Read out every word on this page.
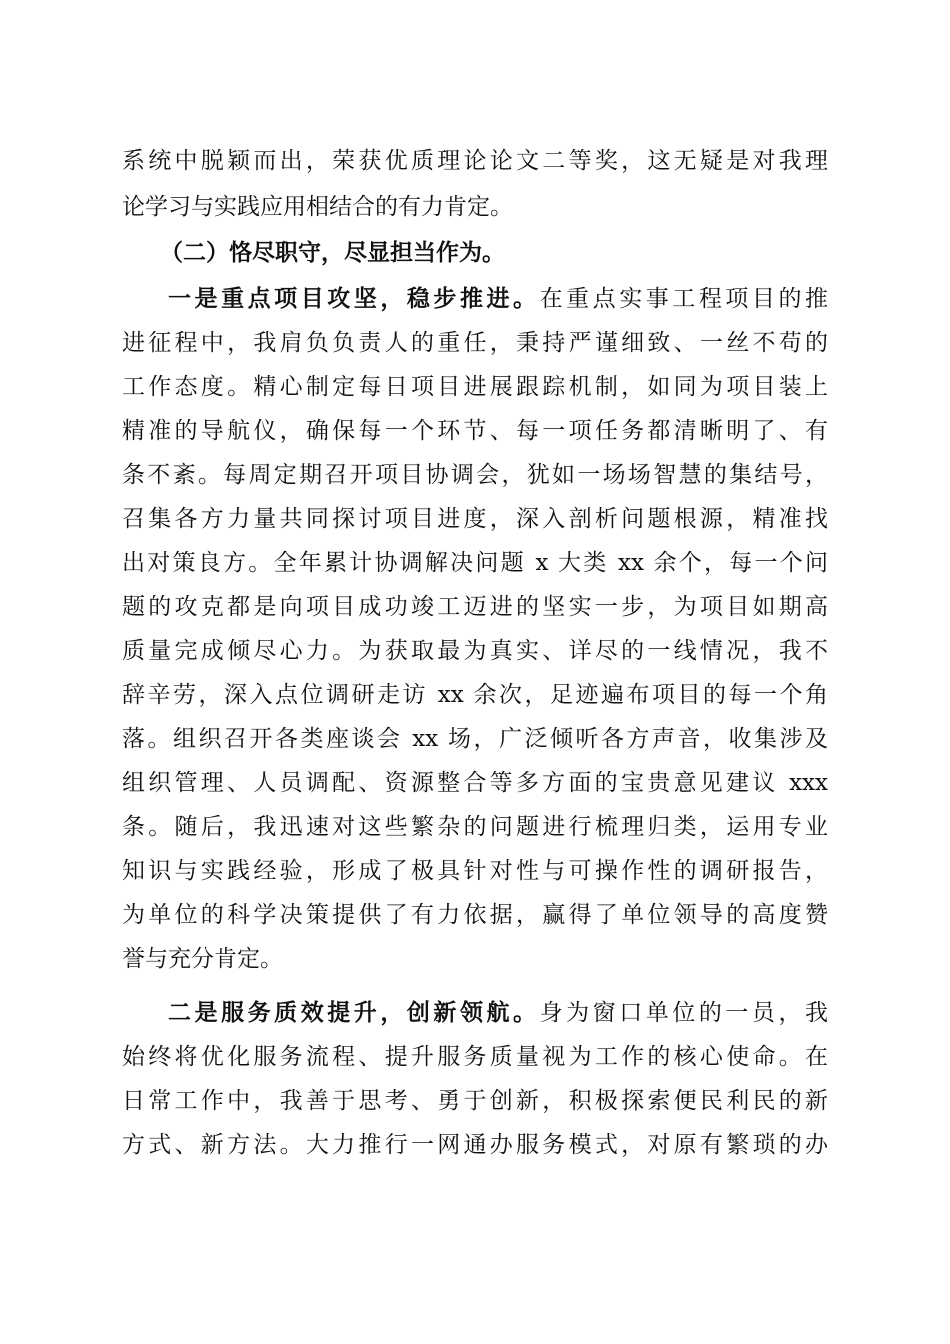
系统中脱颖而出，荣获优质理论论文二等奖，这无疑是对我理
论学习与实践应用相结合的有力肯定。
（二）恪尽职守，尽显担当作为。
一是重点项目攻坚，稳步推进。在重点实事工程项目的推
进征程中，我肩负负责人的重任，秉持严谨细致、一丝不苟的
工作态度。精心制定每日项目进展跟踪机制，如同为项目装上
精准的导航仪，确保每一个环节、每一项任务都清晰明了、有
条不紊。每周定期召开项目协调会，犹如一场场智慧的集结号，
召集各方力量共同探讨项目进度，深入剖析问题根源，精准找
出对策良方。全年累计协调解决问题 x 大类 xx 余个，每一个问
题的攻克都是向项目成功竣工迈进的坚实一步，为项目如期高
质量完成倾尽心力。为获取最为真实、详尽的一线情况，我不
辞辛劳，深入点位调研走访 xx 余次，足迹遍布项目的每一个角
落。组织召开各类座谈会 xx 场，广泛倾听各方声音，收集涉及
组织管理、人员调配、资源整合等多方面的宝贵意见建议 xxx
条。随后，我迅速对这些繁杂的问题进行梳理归类，运用专业
知识与实践经验，形成了极具针对性与可操作性的调研报告，
为单位的科学决策提供了有力依据，赢得了单位领导的高度赞
誉与充分肯定。
二是服务质效提升，创新领航。身为窗口单位的一员，我
始终将优化服务流程、提升服务质量视为工作的核心使命。在
日常工作中，我善于思考、勇于创新，积极探索便民利民的新
方式、新方法。大力推行一网通办服务模式，对原有繁琐的办
